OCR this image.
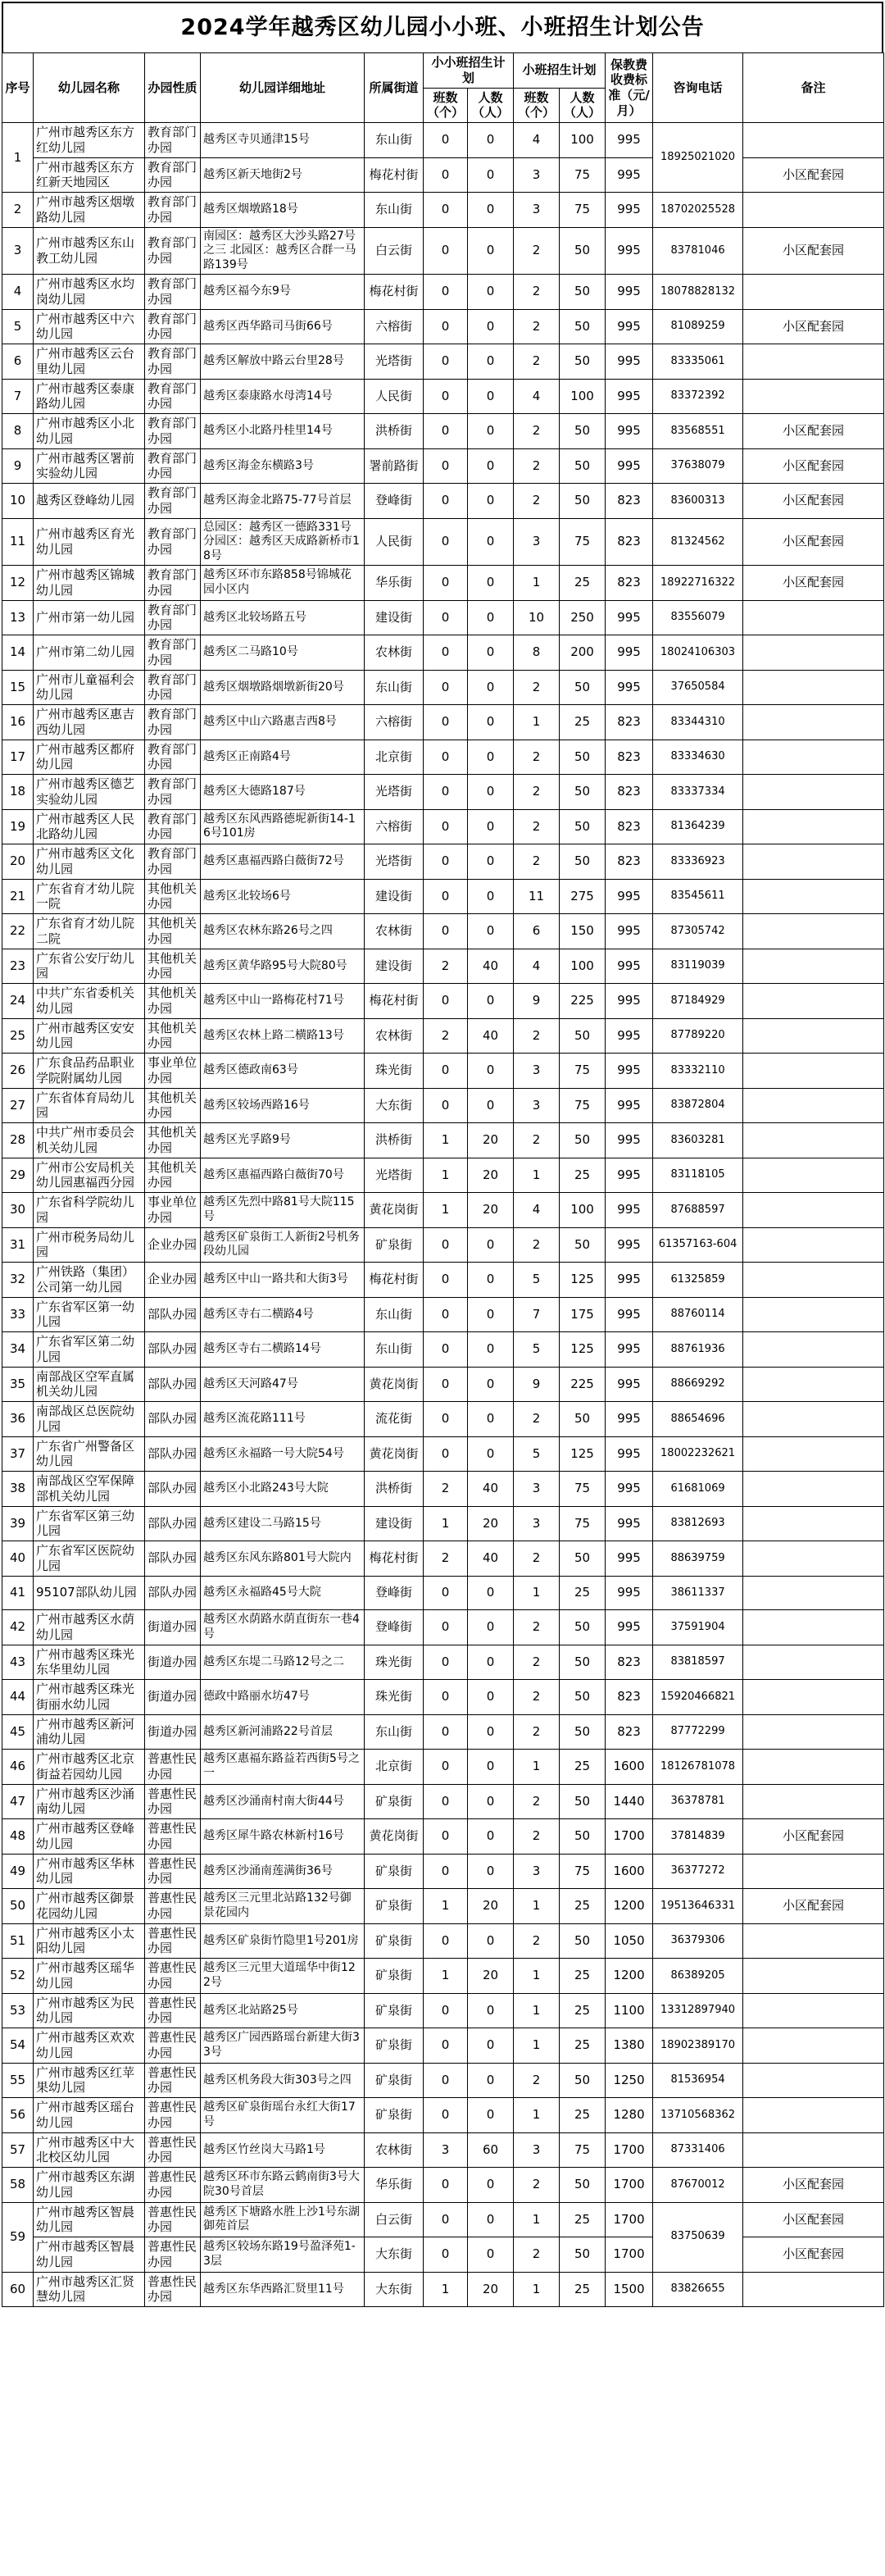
2024学年越秀区幼儿园小小班、小班招生计划公告
序号	幼儿园名称	办园性质	幼儿园详细地址	所属街道	小小班招生计划		小班招生计划		保教费收费标准（元/月）	咨询电话	备注
					班数（个）	人数（人）	班数（个）	人数（人）			
1	广州市越秀区东方红幼儿园	教育部门办园	越秀区寺贝通津15号	东山街	0	0	4	100	995	18925021020	
	广州市越秀区东方红新天地园区	教育部门办园	越秀区新天地街2号	梅花村街	0	0	3	75	995		小区配套园
2	广州市越秀区烟墩路幼儿园	教育部门办园	越秀区烟墩路18号	东山街	0	0	3	75	995	18702025528	
3	广州市越秀区东山教工幼儿园	教育部门办园	南园区：越秀区大沙头路27号之三 北园区：越秀区合群一马路139号	白云街	0	0	2	50	995	83781046	小区配套园
4	广州市越秀区水均岗幼儿园	教育部门办园	越秀区福今东9号	梅花村街	0	0	2	50	995	18078828132	
5	广州市越秀区中六幼儿园	教育部门办园	越秀区西华路司马街66号	六榕街	0	0	2	50	995	81089259	小区配套园
6	广州市越秀区云台里幼儿园	教育部门办园	越秀区解放中路云台里28号	光塔街	0	0	2	50	995	83335061	
7	广州市越秀区泰康路幼儿园	教育部门办园	越秀区泰康路水母湾14号	人民街	0	0	4	100	995	83372392	
8	广州市越秀区小北幼儿园	教育部门办园	越秀区小北路丹桂里14号	洪桥街	0	0	2	50	995	83568551	小区配套园
9	广州市越秀区署前实验幼儿园	教育部门办园	越秀区海金东横路3号	署前路街	0	0	2	50	995	37638079	小区配套园
10	越秀区登峰幼儿园	教育部门办园	越秀区海金北路75-77号首层	登峰街	0	0	2	50	823	83600313	小区配套园
11	广州市越秀区育光幼儿园	教育部门办园	总园区：越秀区一德路331号 分园区：越秀区天成路新桥市18号	人民街	0	0	3	75	823	81324562	小区配套园
12	广州市越秀区锦城幼儿园	教育部门办园	越秀区环市东路858号锦城花园小区内	华乐街	0	0	1	25	823	18922716322	小区配套园
13	广州市第一幼儿园	教育部门办园	越秀区北较场路五号	建设街	0	0	10	250	995	83556079	
14	广州市第二幼儿园	教育部门办园	越秀区二马路10号	农林街	0	0	8	200	995	18024106303	
15	广州市儿童福利会幼儿园	教育部门办园	越秀区烟墩路烟墩新街20号	东山街	0	0	2	50	995	37650584	
16	广州市越秀区惠吉西幼儿园	教育部门办园	越秀区中山六路惠吉西8号	六榕街	0	0	1	25	823	83344310	
17	广州市越秀区都府幼儿园	教育部门办园	越秀区正南路4号	北京街	0	0	2	50	823	83334630	
18	广州市越秀区德艺实验幼儿园	教育部门办园	越秀区大德路187号	光塔街	0	0	2	50	823	83337334	
19	广州市越秀区人民北路幼儿园	教育部门办园	越秀区东风西路德坭新街14-16号101房	六榕街	0	0	2	50	823	81364239	
20	广州市越秀区文化幼儿园	教育部门办园	越秀区惠福西路白薇街72号	光塔街	0	0	2	50	823	83336923	
21	广东省育才幼儿院一院	其他机关办园	越秀区北较场6号	建设街	0	0	11	275	995	83545611	
22	广东省育才幼儿院二院	其他机关办园	越秀区农林东路26号之四	农林街	0	0	6	150	995	87305742	
23	广东省公安厅幼儿园	其他机关办园	越秀区黄华路95号大院80号	建设街	2	40	4	100	995	83119039	
24	中共广东省委机关幼儿园	其他机关办园	越秀区中山一路梅花村71号	梅花村街	0	0	9	225	995	87184929	
25	广州市越秀区安安幼儿园	其他机关办园	越秀区农林上路二横路13号	农林街	2	40	2	50	995	87789220	
26	广东食品药品职业学院附属幼儿园	事业单位办园	越秀区德政南63号	珠光街	0	0	3	75	995	83332110	
27	广东省体育局幼儿园	其他机关办园	越秀区较场西路16号	大东街	0	0	3	75	995	83872804	
28	中共广州市委员会机关幼儿园	其他机关办园	越秀区光孚路9号	洪桥街	1	20	2	50	995	83603281	
29	广州市公安局机关幼儿园惠福西分园	其他机关办园	越秀区惠福西路白薇街70号	光塔街	1	20	1	25	995	83118105	
30	广东省科学院幼儿园	事业单位办园	越秀区先烈中路81号大院115号	黄花岗街	1	20	4	100	995	87688597	
31	广州市税务局幼儿园	企业办园	越秀区矿泉街工人新街2号机务段幼儿园	矿泉街	0	0	2	50	995	61357163-604	
32	广州铁路（集团）公司第一幼儿园	企业办园	越秀区中山一路共和大街3号	梅花村街	0	0	5	125	995	61325859	
33	广东省军区第一幼儿园	部队办园	越秀区寺右二横路4号	东山街	0	0	7	175	995	88760114	
34	广东省军区第二幼儿园	部队办园	越秀区寺右二横路14号	东山街	0	0	5	125	995	88761936	
35	南部战区空军直属机关幼儿园	部队办园	越秀区天河路47号	黄花岗街	0	0	9	225	995	88669292	
36	南部战区总医院幼儿园	部队办园	越秀区流花路111号	流花街	0	0	2	50	995	88654696	
37	广东省广州警备区幼儿园	部队办园	越秀区永福路一号大院54号	黄花岗街	0	0	5	125	995	18002232621	
38	南部战区空军保障部机关幼儿园	部队办园	越秀区小北路243号大院	洪桥街	2	40	3	75	995	61681069	
39	广东省军区第三幼儿园	部队办园	越秀区建设二马路15号	建设街	1	20	3	75	995	83812693	
40	广东省军区医院幼儿园	部队办园	越秀区东风东路801号大院内	梅花村街	2	40	2	50	995	88639759	
41	95107部队幼儿园	部队办园	越秀区永福路45号大院	登峰街	0	0	1	25	995	38611337	
42	广州市越秀区水荫幼儿园	街道办园	越秀区水荫路水荫直街东一巷4号	登峰街	0	0	2	50	995	37591904	
43	广州市越秀区珠光东华里幼儿园	街道办园	越秀区东堤二马路12号之二	珠光街	0	0	2	50	823	83818597	
44	广州市越秀区珠光街丽水幼儿园	街道办园	德政中路丽水坊47号	珠光街	0	0	2	50	823	15920466821	
45	广州市越秀区新河浦幼儿园	街道办园	越秀区新河浦路22号首层	东山街	0	0	2	50	823	87772299	
46	广州市越秀区北京街益若园幼儿园	普惠性民办园	越秀区惠福东路益若西街5号之一	北京街	0	0	1	25	1600	18126781078	
47	广州市越秀区沙涌南幼儿园	普惠性民办园	越秀区沙涌南村南大街44号	矿泉街	0	0	2	50	1440	36378781	
48	广州市越秀区登峰幼儿园	普惠性民办园	越秀区犀牛路农林新村16号	黄花岗街	0	0	2	50	1700	37814839	小区配套园
49	广州市越秀区华林幼儿园	普惠性民办园	越秀区沙涌南莲满街36号	矿泉街	0	0	3	75	1600	36377272	
50	广州市越秀区御景花园幼儿园	普惠性民办园	越秀区三元里北站路132号御景花园内	矿泉街	1	20	1	25	1200	19513646331	小区配套园
51	广州市越秀区小太阳幼儿园	普惠性民办园	越秀区矿泉街竹隐里1号201房	矿泉街	0	0	2	50	1050	36379306	
52	广州市越秀区瑶华幼儿园	普惠性民办园	越秀区三元里大道瑶华中街122号	矿泉街	1	20	1	25	1200	86389205	
53	广州市越秀区为民幼儿园	普惠性民办园	越秀区北站路25号	矿泉街	0	0	1	25	1100	13312897940	
54	广州市越秀区欢欢幼儿园	普惠性民办园	越秀区广园西路瑶台新建大街33号	矿泉街	0	0	1	25	1380	18902389170	
55	广州市越秀区红苹果幼儿园	普惠性民办园	越秀区机务段大街303号之四	矿泉街	0	0	2	50	1250	81536954	
56	广州市越秀区瑶台幼儿园	普惠性民办园	越秀区矿泉街瑶台永红大街17号	矿泉街	0	0	1	25	1280	13710568362	
57	广州市越秀区中大北校区幼儿园	普惠性民办园	越秀区竹丝岗大马路1号	农林街	3	60	3	75	1700	87331406	
58	广州市越秀区东湖幼儿园	普惠性民办园	越秀区环市东路云鹤南街3号大院30号首层	华乐街	0	0	2	50	1700	87670012	小区配套园
59	广州市越秀区智晨幼儿园	普惠性民办园	越秀区下塘路水胜上沙1号东湖御苑首层	白云街	0	0	1	25	1700	83750639	小区配套园
	广州市越秀区智晨幼儿园	普惠性民办园	越秀区较场东路19号盈泽苑1-3层	大东街	0	0	2	50	1700		小区配套园
60	广州市越秀区汇贤慧幼儿园	普惠性民办园	越秀区东华西路汇贤里11号	大东街	1	20	1	25	1500	83826655	
